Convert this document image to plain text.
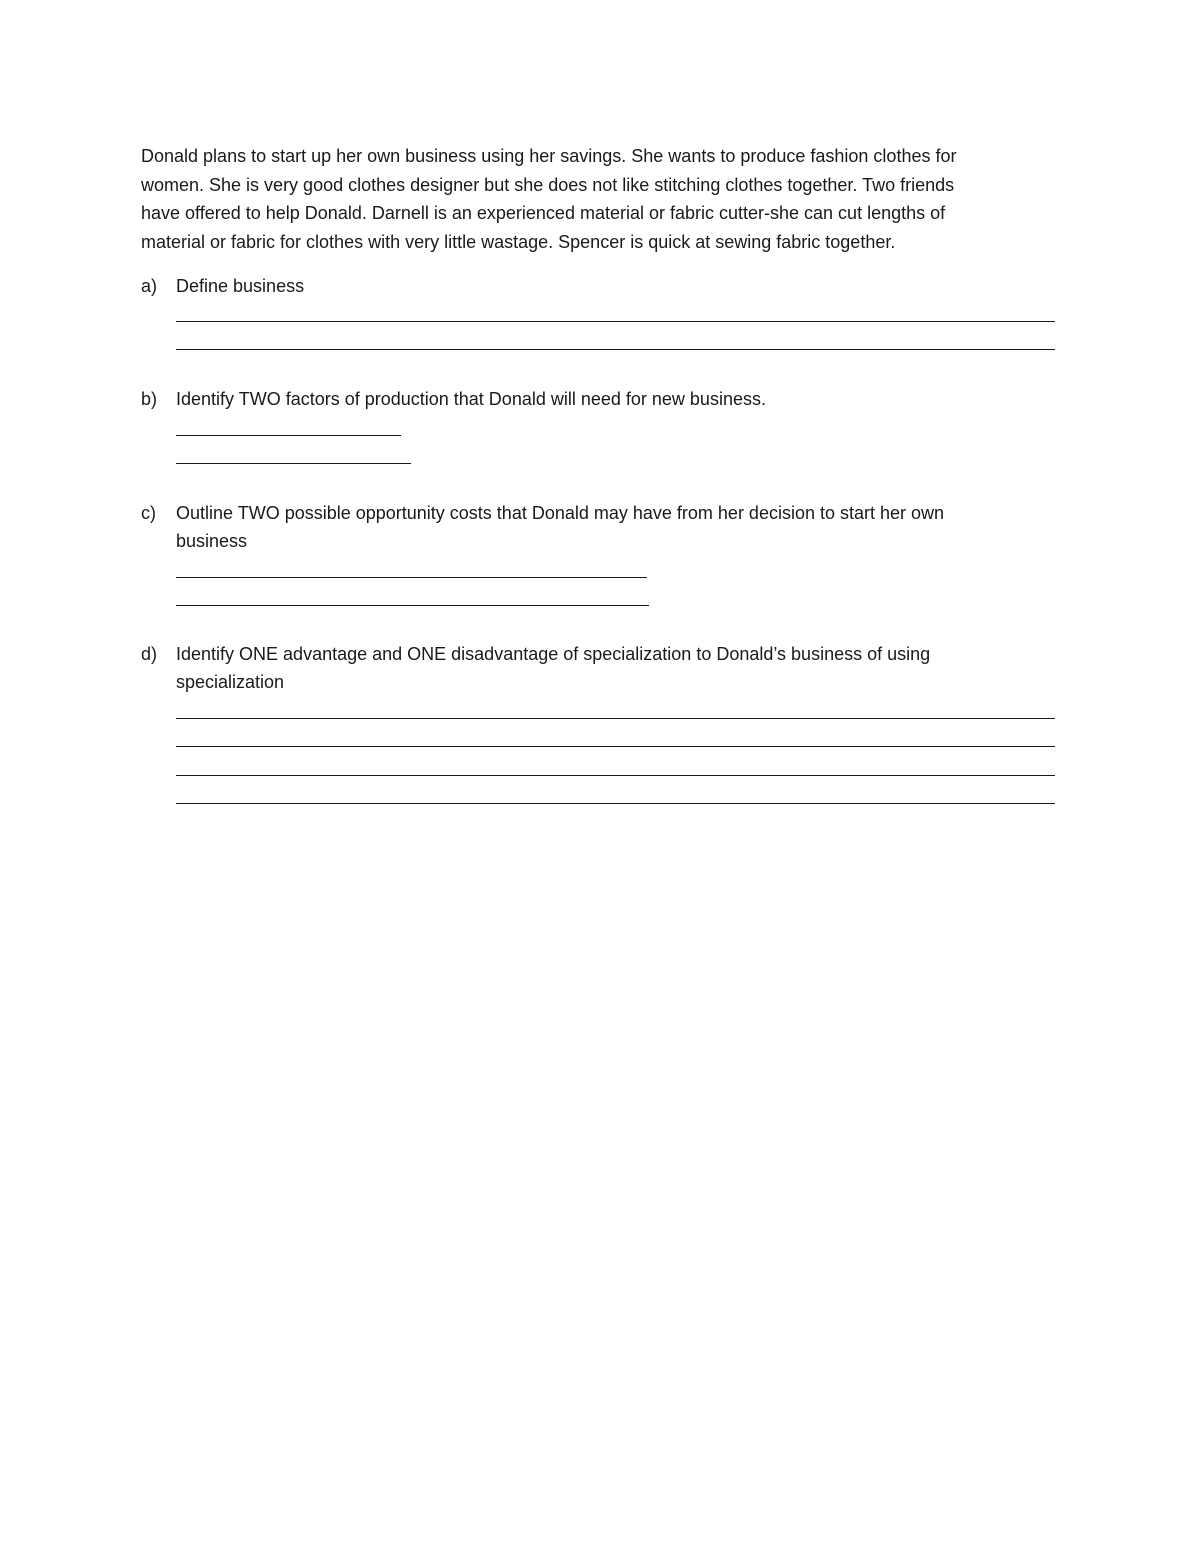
Donald plans to start up her own business using her savings. She wants to produce fashion clothes for
women. She is very good clothes designer but she does not like stitching clothes together. Two friends
have offered to help Donald. Darnell is an experienced material or fabric cutter-she can cut lengths of
material or fabric for clothes with very little wastage. Spencer is quick at sewing fabric together.

a) Define business
b) Identify TWO factors of production that Donald will need for new business.
c) Outline TWO possible opportunity costs that Donald may have from her decision to start her own
business
d) Identify ONE advantage and ONE disadvantage of specialization to Donald’s business of using
specialization
